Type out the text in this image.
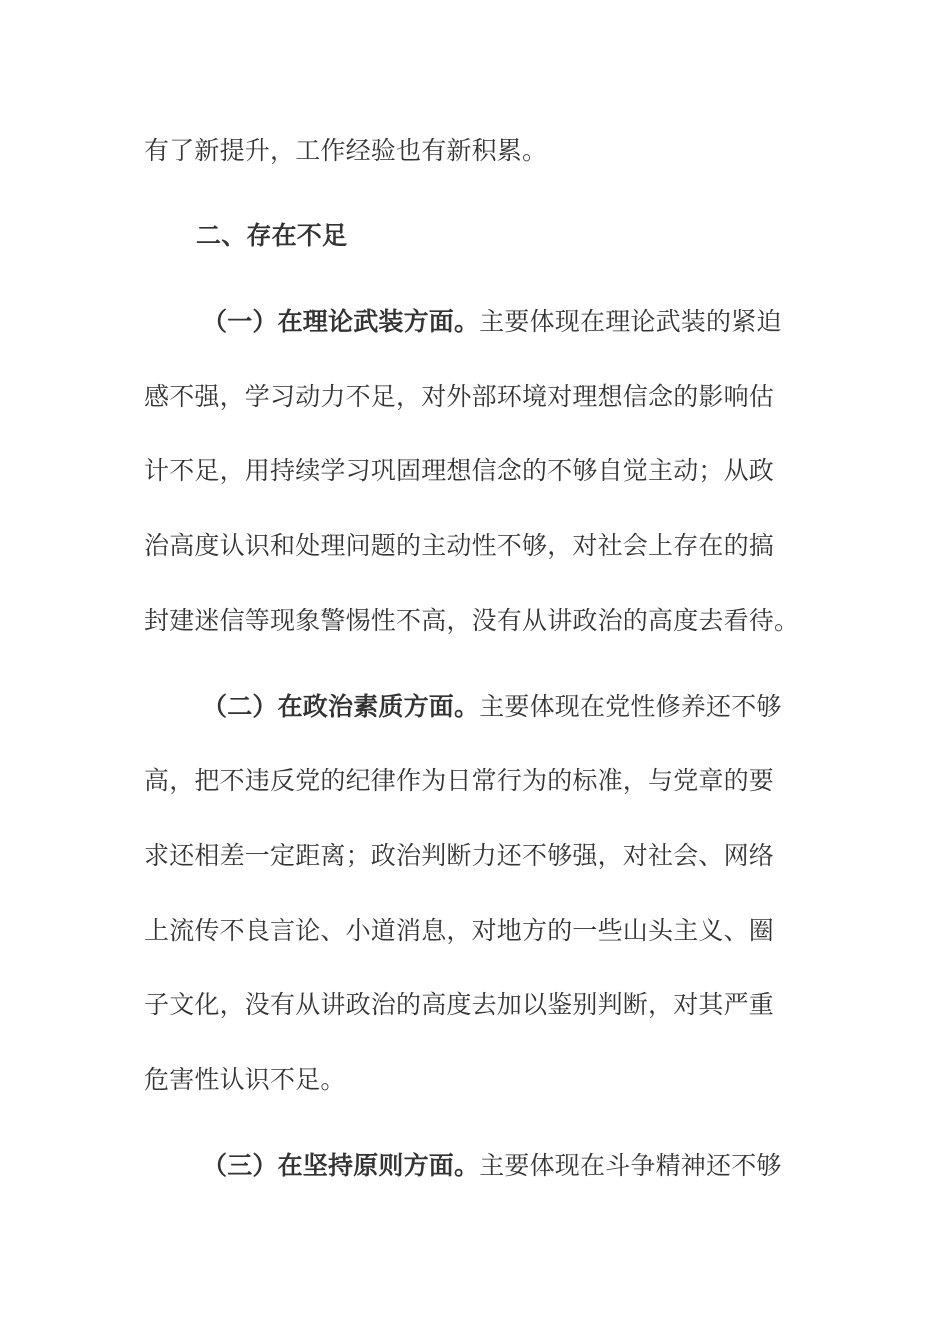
有了新提升，工作经验也有新积累。
二、存在不足
（一）在理论武装方面。主要体现在理论武装的紧迫
感不强，学习动力不足，对外部环境对理想信念的影响估
计不足，用持续学习巩固理想信念的不够自觉主动；从政
治高度认识和处理问题的主动性不够，对社会上存在的搞
封建迷信等现象警惕性不高，没有从讲政治的高度去看待。
（二）在政治素质方面。主要体现在党性修养还不够
高，把不违反党的纪律作为日常行为的标准，与党章的要
求还相差一定距离；政治判断力还不够强，对社会、网络
上流传不良言论、小道消息，对地方的一些山头主义、圈
子文化，没有从讲政治的高度去加以鉴别判断，对其严重
危害性认识不足。
（三）在坚持原则方面。主要体现在斗争精神还不够
